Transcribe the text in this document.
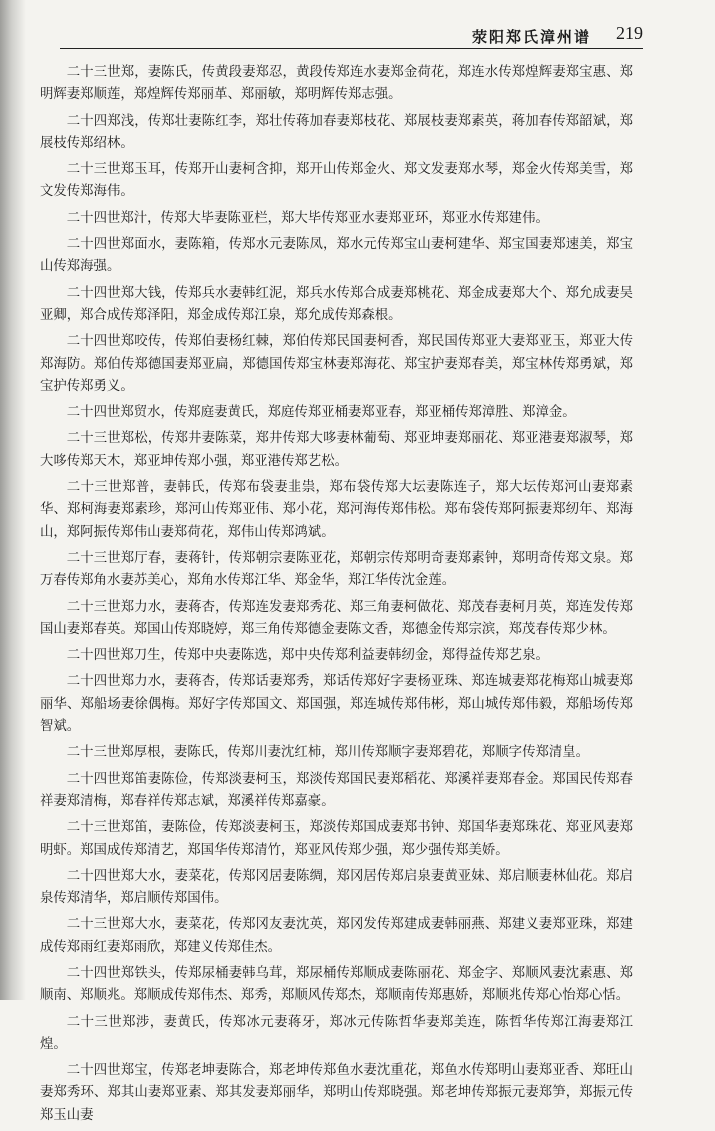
荥阳郑氏漳州谱 219

二十三世郑，妻陈氏，传黄段妻郑忍，黄段传郑连水妻郑金荷花，郑连水传郑煌辉妻郑宝惠、郑明辉妻郑顺莲，郑煌辉传郑丽革、郑丽敏，郑明辉传郑志强。

二十四郑浅，传郑壮妻陈红李，郑壮传蒋加春妻郑枝花、郑展枝妻郑素英，蒋加春传郑韶斌，郑展枝传郑绍林。

二十三世郑玉耳，传郑开山妻柯含抑，郑开山传郑金火、郑文发妻郑水琴，郑金火传郑美雪，郑文发传郑海伟。

二十四世郑汁，传郑大毕妻陈亚栏，郑大毕传郑亚水妻郑亚环，郑亚水传郑建伟。

二十四世郑面水，妻陈箱，传郑水元妻陈凤，郑水元传郑宝山妻柯建华、郑宝国妻郑速美，郑宝山传郑海强。

二十四世郑大钱，传郑兵水妻韩红泥，郑兵水传郑合成妻郑桃花、郑金成妻郑大个、郑允成妻吴亚卿，郑合成传郑泽阳，郑金成传郑江泉，郑允成传郑森根。

二十四世郑咬传，传郑伯妻杨红棘，郑伯传郑民国妻柯香，郑民国传郑亚大妻郑亚玉，郑亚大传郑海防。郑伯传郑德国妻郑亚扁，郑德国传郑宝林妻郑海花、郑宝护妻郑春美，郑宝林传郑勇斌，郑宝护传郑勇义。

二十四世郑贸水，传郑庭妻黄氏，郑庭传郑亚桶妻郑亚春，郑亚桶传郑漳胜、郑漳金。

二十三世郑松，传郑井妻陈菜，郑井传郑大哆妻林葡萄、郑亚坤妻郑丽花、郑亚港妻郑淑琴，郑大哆传郑天木，郑亚坤传郑小强，郑亚港传郑艺松。

二十三世郑普，妻韩氏，传郑布袋妻韭祟，郑布袋传郑大坛妻陈连子，郑大坛传郑河山妻郑素华、郑柯海妻郑素珍，郑河山传郑亚伟、郑小花，郑河海传郑伟松。郑布袋传郑阿振妻郑纫年、郑海山，郑阿振传郑伟山妻郑荷花，郑伟山传郑鸿斌。

二十三世郑厅春，妻蒋针，传郑朝宗妻陈亚花，郑朝宗传郑明奇妻郑素钟，郑明奇传郑文泉。郑万春传郑角水妻苏美心，郑角水传郑江华、郑金华，郑江华传沈金莲。

二十三世郑力水，妻蒋杏，传郑连发妻郑秀花、郑三角妻柯做花、郑茂春妻柯月英，郑连发传郑国山妻郑春英。郑国山传郑晓婷，郑三角传郑德金妻陈文香，郑德金传郑宗滨，郑茂春传郑少林。

二十四世郑刀生，传郑中央妻陈选，郑中央传郑利益妻韩纫金，郑得益传郑艺泉。

二十四世郑力水，妻蒋杏，传郑话妻郑秀，郑话传郑好字妻杨亚珠、郑连城妻郑花梅郑山城妻郑丽华、郑船场妻徐偶梅。郑好字传郑国文、郑国强，郑连城传郑伟彬，郑山城传郑伟毅，郑船场传郑智斌。

二十三世郑厚根，妻陈氏，传郑川妻沈红柿，郑川传郑顺字妻郑碧花，郑顺字传郑清皇。

二十四世郑笛妻陈俭，传郑淡妻柯玉，郑淡传郑国民妻郑稻花、郑溪祥妻郑春金。郑国民传郑春祥妻郑清梅，郑春祥传郑志斌，郑溪祥传郑嘉豪。

二十三世郑笛，妻陈俭，传郑淡妻柯玉，郑淡传郑国成妻郑书钟、郑国华妻郑珠花、郑亚风妻郑明虾。郑国成传郑清艺，郑国华传郑清竹，郑亚风传郑少强，郑少强传郑美娇。

二十四世郑大水，妻菜花，传郑冈居妻陈绸，郑冈居传郑启泉妻黄亚妹、郑启顺妻林仙花。郑启泉传郑清华，郑启顺传郑国伟。

二十三世郑大水，妻菜花，传郑冈友妻沈英，郑冈发传郑建成妻韩丽燕、郑建义妻郑亚珠，郑建成传郑雨红妻郑雨欣，郑建义传郑佳杰。

二十四世郑铁头，传郑尿桶妻韩乌茸，郑尿桶传郑顺成妻陈丽花、郑金字、郑顺风妻沈素惠、郑顺南、郑顺兆。郑顺成传郑伟杰、郑秀，郑顺风传郑杰，郑顺南传郑惠娇，郑顺兆传郑心怡郑心恬。

二十三世郑涉，妻黄氏，传郑冰元妻蒋牙，郑冰元传陈哲华妻郑美连，陈哲华传郑江海妻郑江煌。

二十四世郑宝，传郑老坤妻陈合，郑老坤传郑鱼水妻沈重花，郑鱼水传郑明山妻郑亚香、郑旺山妻郑秀环、郑其山妻郑亚素、郑其发妻郑丽华，郑明山传郑晓强。郑老坤传郑振元妻郑笋，郑振元传郑玉山妻
